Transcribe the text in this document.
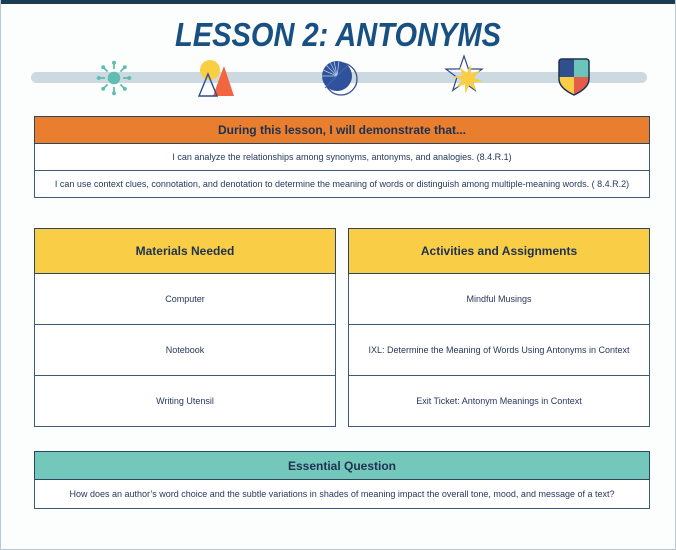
LESSON 2: ANTONYMS
During this lesson, I will demonstrate that...
I can analyze the relationships among synonyms, antonyms, and analogies. (8.4.R.1)
I can use context clues, connotation, and denotation to determine the meaning of words or distinguish among multiple-meaning words. ( 8.4.R.2)
Materials Needed
Computer
Notebook
Writing Utensil
Activities and Assignments
Mindful Musings
IXL: Determine the Meaning of Words Using Antonyms in Context
Exit Ticket: Antonym Meanings in Context
Essential Question
How does an author’s word choice and the subtle variations in shades of meaning impact the overall tone, mood, and message of a text?
